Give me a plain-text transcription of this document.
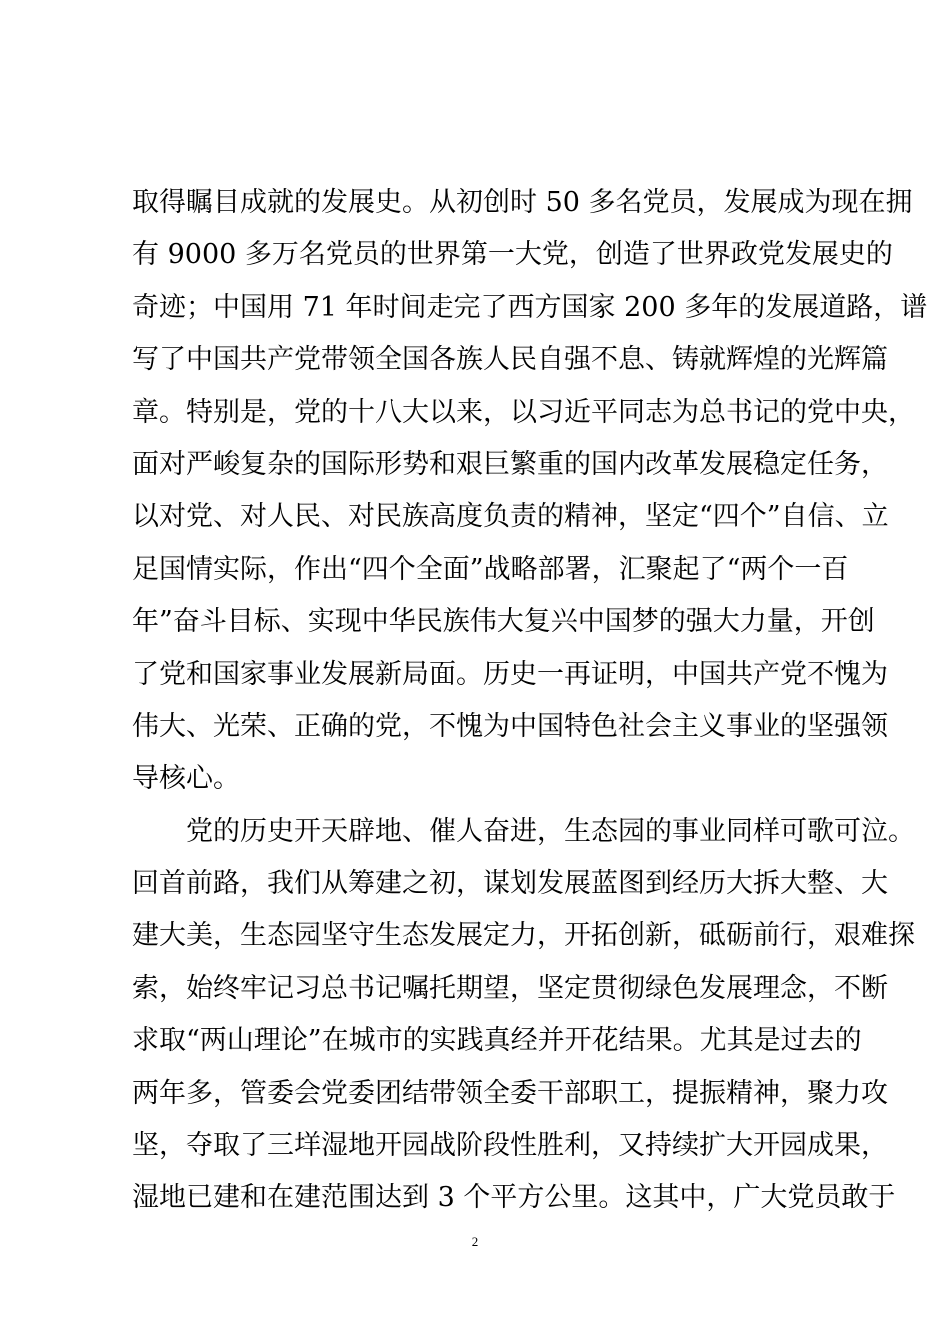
取得瞩目成就的发展史。从初创时 50 多名党员，发展成为现在拥
有 9000 多万名党员的世界第一大党，创造了世界政党发展史的
奇迹；中国用 71 年时间走完了西方国家 200 多年的发展道路，谱
写了中国共产党带领全国各族人民自强不息、铸就辉煌的光辉篇
章。特别是，党的十八大以来，以习近平同志为总书记的党中央，
面对严峻复杂的国际形势和艰巨繁重的国内改革发展稳定任务，
以对党、对人民、对民族高度负责的精神，坚定“四个”自信、立
足国情实际，作出“四个全面”战略部署，汇聚起了“两个一百
年”奋斗目标、实现中华民族伟大复兴中国梦的强大力量，开创
了党和国家事业发展新局面。历史一再证明，中国共产党不愧为
伟大、光荣、正确的党，不愧为中国特色社会主义事业的坚强领
导核心。
　　党的历史开天辟地、催人奋进，生态园的事业同样可歌可泣。
回首前路，我们从筹建之初，谋划发展蓝图到经历大拆大整、大
建大美，生态园坚守生态发展定力，开拓创新，砥砺前行，艰难探
索，始终牢记习总书记嘱托期望，坚定贯彻绿色发展理念，不断
求取“两山理论”在城市的实践真经并开花结果。尤其是过去的
两年多，管委会党委团结带领全委干部职工，提振精神，聚力攻
坚，夺取了三垟湿地开园战阶段性胜利，又持续扩大开园成果，
湿地已建和在建范围达到 3 个平方公里。这其中，广大党员敢于
2
